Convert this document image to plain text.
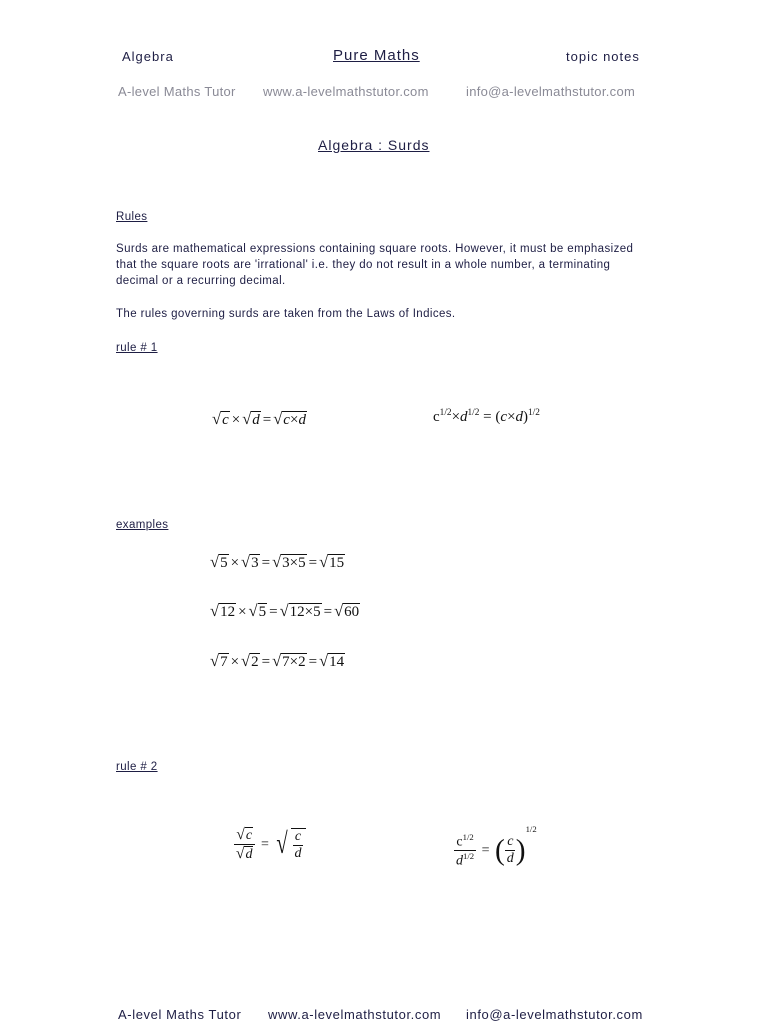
Algebra	Pure Maths	topic notes
A-level Maths Tutor www.a-levelmathstutor.com	info@a-levelmathstutor.com
Algebra : Surds
Rules
Surds are mathematical expressions containing square roots. However, it must be emphasized that the square roots are 'irrational' i.e. they do not result in a whole number, a terminating decimal or a recurring decimal.
The rules governing surds are taken from the Laws of Indices.
rule # 1
√c × √d = √c×d	$c^{1/2}\times d^{1/2} = (c\times d)^{1/2}$
examples
√5 × √3 = √3×5 = √15
√12 × √5 = √12×5 = √60
√7 × √2 = √7×2 = √14
rule # 2
$\frac{√c}{√d}$ = √ $\frac{c}{d}$	$\frac{c^{1/2}}{d^{1/2}}$ = ( $\frac{c}{d} )^{1/2}$
A-level Maths Tutor www.a-levelmathstutor.com info@a-levelmathstutor.com
